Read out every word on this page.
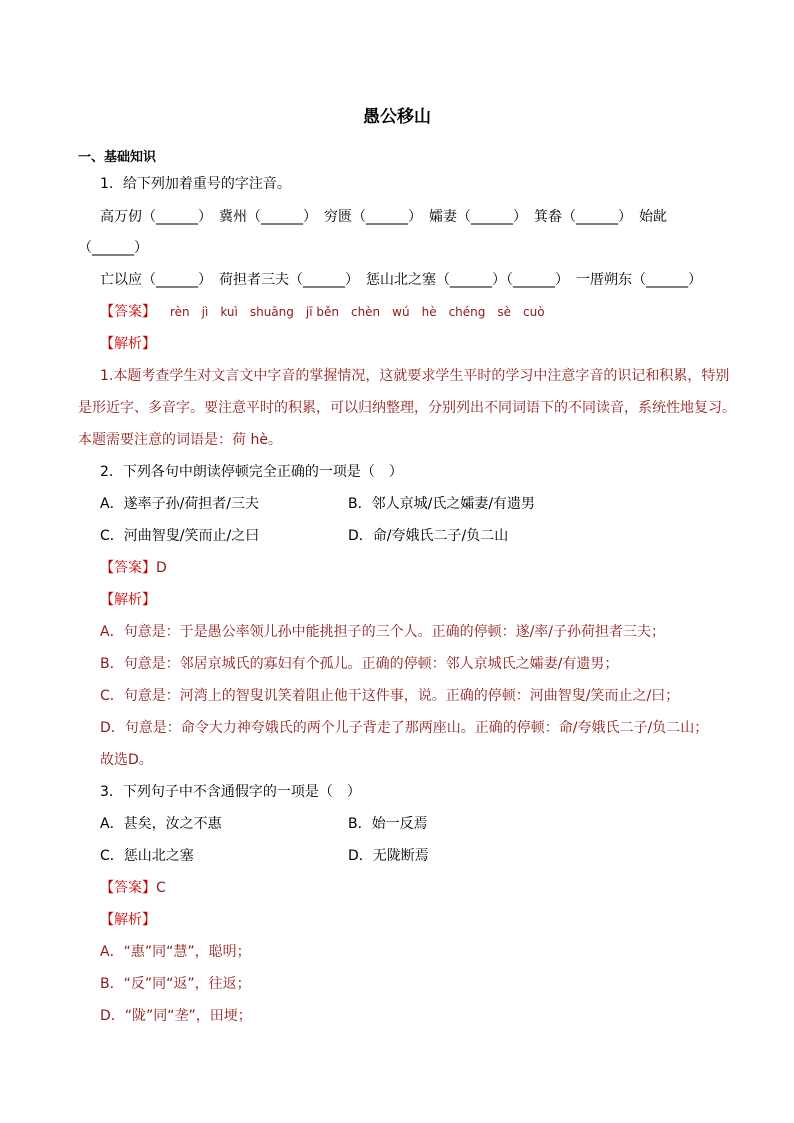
愚公移山
一、基础知识
1．给下列加着重号的字注音。
高万仞（______）　冀州（______）　穷匮（______）　孀妻（______）　箕畚（______）　始龀
（______）
亡以应（______）　荷担者三夫（______）　惩山北之塞（______）（______）　一厝朔东（______）
【答案】 rèn　jì　kuì　shuāng　jī běn　chèn　wú　hè　chéng　sè　cuò
【解析】
1.本题考查学生对文言文中字音的掌握情况，这就要求学生平时的学习中注意字音的识记和积累，特别
是形近字、多音字。要注意平时的积累，可以归纳整理，分别列出不同词语下的不同读音，系统性地复习。
本题需要注意的词语是：荷 hè。
2．下列各句中朗读停顿完全正确的一项是（　）
A．遂率子孙/荷担者/三夫	B．邻人京城/氏之孀妻/有遗男
C．河曲智叟/笑而止/之曰	D．命/夸娥氏二子/负二山
【答案】D
【解析】
A．句意是：于是愚公率领儿孙中能挑担子的三个人。正确的停顿：遂/率/子孙荷担者三夫；
B．句意是：邻居京城氏的寡妇有个孤儿。正确的停顿：邻人京城氏之孀妻/有遗男；
C．句意是：河湾上的智叟讥笑着阻止他干这件事，说。正确的停顿：河曲智叟/笑而止之/曰；
D．句意是：命令大力神夸娥氏的两个儿子背走了那两座山。正确的停顿：命/夸娥氏二子/负二山；
故选D。
3．下列句子中不含通假字的一项是（　）
A．甚矣，汝之不惠	B．始一反焉
C．惩山北之塞	D．无陇断焉
【答案】C
【解析】
A．“惠”同“慧”，聪明；
B．“反”同“返”，往返；
D．“陇”同“垄”，田埂；
